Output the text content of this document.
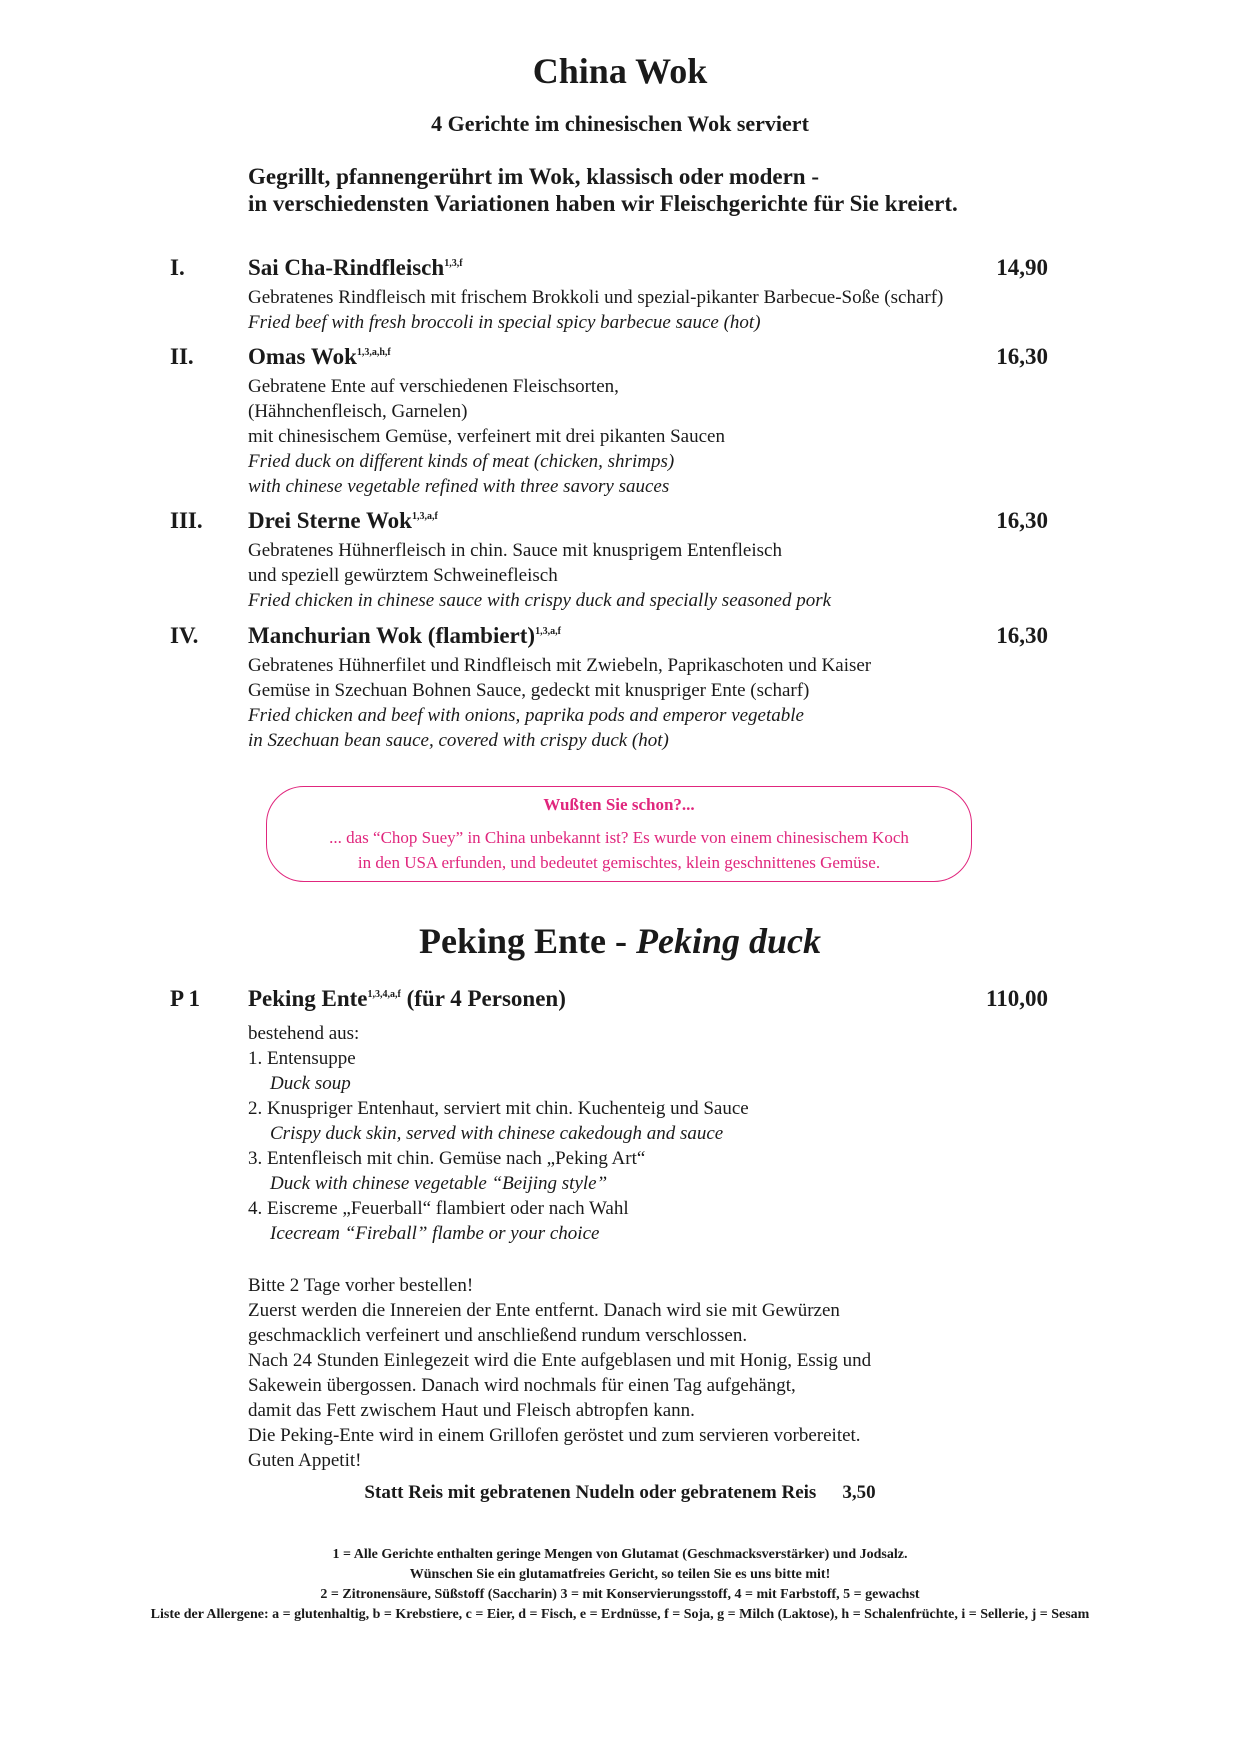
China Wok
4 Gerichte im chinesischen Wok serviert
Gegrillt, pfannengerührt im Wok, klassisch oder modern -
in verschiedensten Variationen haben wir Fleischgerichte für Sie kreiert.
I.	Sai Cha-Rindfleisch$^{1,3,f}$	14,90
Gebratenes Rindfleisch mit frischem Brokkoli und spezial-pikanter Barbecue-Soße (scharf)
Fried beef with fresh broccoli in special spicy barbecue sauce (hot)
II.	Omas Wok$^{1,3,a,h,f}$	16,30
Gebratene Ente auf verschiedenen Fleischsorten,
(Hähnchenfleisch, Garnelen)
mit chinesischem Gemüse, verfeinert mit drei pikanten Saucen
Fried duck on different kinds of meat (chicken, shrimps)
with chinese vegetable refined with three savory sauces
III.	Drei Sterne Wok$^{1,3,a,f}$	16,30
Gebratenes Hühnerfleisch in chin. Sauce mit knusprigem Entenfleisch
und speziell gewürztem Schweinefleisch
Fried chicken in chinese sauce with crispy duck and specially seasoned pork
IV.	Manchurian Wok (flambiert)$^{1,3,a,f}$	16,30
Gebratenes Hühnerfilet und Rindfleisch mit Zwiebeln, Paprikaschoten und Kaiser
Gemüse in Szechuan Bohnen Sauce, gedeckt mit knuspriger Ente (scharf)
Fried chicken and beef with onions, paprika pods and emperor vegetable
in Szechuan bean sauce, covered with crispy duck (hot)
Wußten Sie schon?...
... das “Chop Suey” in China unbekannt ist? Es wurde von einem chinesischem Koch
in den USA erfunden, und bedeutet gemischtes, klein geschnittenes Gemüse.
Peking Ente - Peking duck
P 1	Peking Ente$^{1,3,4,a,f}$ (für 4 Personen)	110,00
bestehend aus:
1. Entensuppe
Duck soup
2. Knuspriger Entenhaut, serviert mit chin. Kuchenteig und Sauce
Crispy duck skin, served with chinese cakedough and sauce
3. Entenfleisch mit chin. Gemüse nach „Peking Art“
Duck with chinese vegetable “Beijing style”
4. Eiscreme „Feuerball“ flambiert oder nach Wahl
Icecream “Fireball” flambe or your choice
Bitte 2 Tage vorher bestellen!
Zuerst werden die Innereien der Ente entfernt. Danach wird sie mit Gewürzen
geschmacklich verfeinert und anschließend rundum verschlossen.
Nach 24 Stunden Einlegezeit wird die Ente aufgeblasen und mit Honig, Essig und
Sakewein übergossen. Danach wird nochmals für einen Tag aufgehängt,
damit das Fett zwischem Haut und Fleisch abtropfen kann.
Die Peking-Ente wird in einem Grillofen geröstet und zum servieren vorbereitet.
Guten Appetit!
Statt Reis mit gebratenen Nudeln oder gebratenem Reis 3,50
1 = Alle Gerichte enthalten geringe Mengen von Glutamat (Geschmacksverstärker) und Jodsalz.
Wünschen Sie ein glutamatfreies Gericht, so teilen Sie es uns bitte mit!
2 = Zitronensäure, Süßstoff (Saccharin) 3 = mit Konservierungsstoff, 4 = mit Farbstoff, 5 = gewachst
Liste der Allergene: a = glutenhaltig, b = Krebstiere, c = Eier, d = Fisch, e = Erdnüsse, f = Soja, g = Milch (Laktose), h = Schalenfrüchte, i = Sellerie, j = Sesam
